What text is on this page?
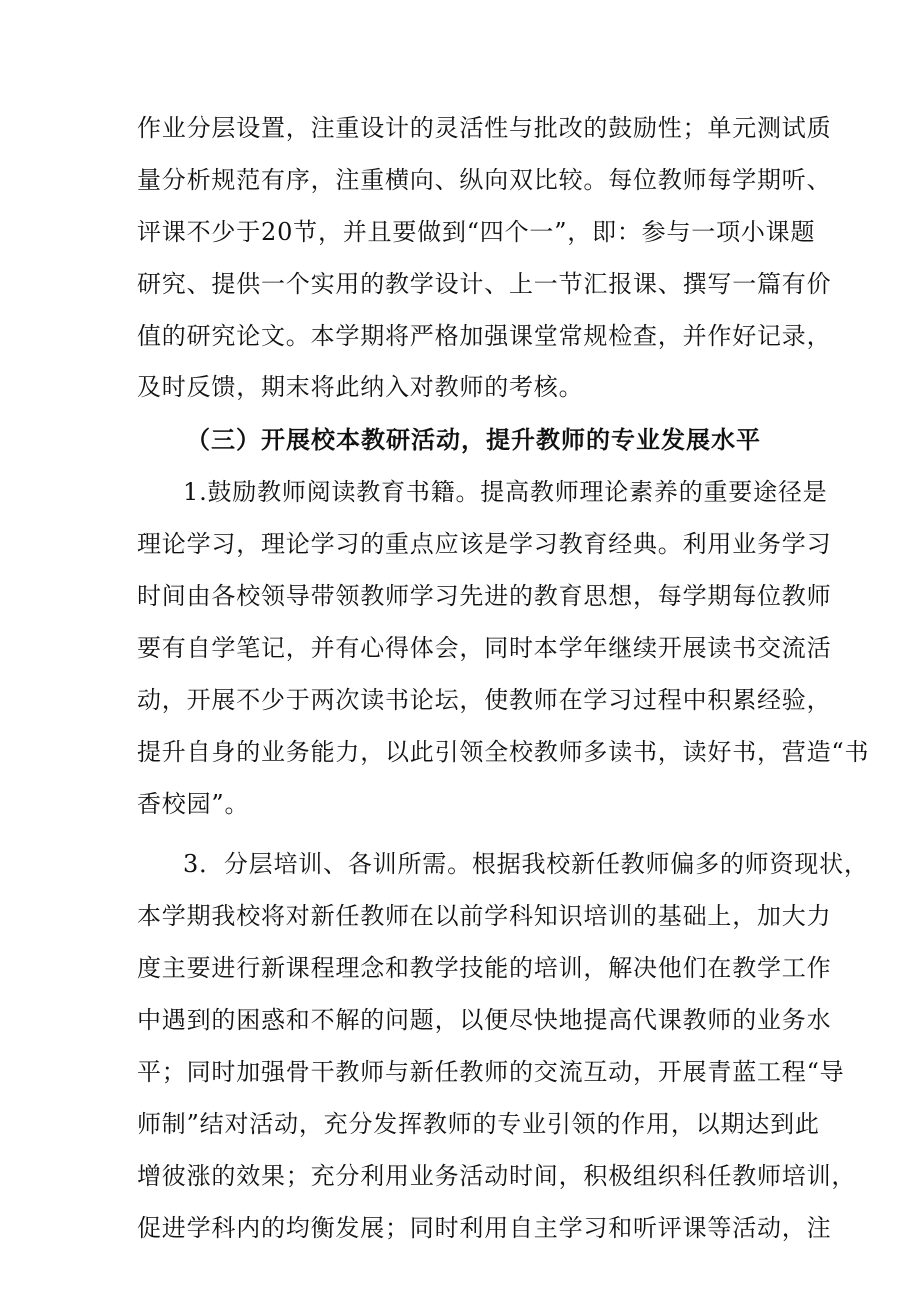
作业分层设置，注重设计的灵活性与批改的鼓励性；单元测试质
量分析规范有序，注重横向、纵向双比较。每位教师每学期听、
评课不少于20节，并且要做到“四个一”，即：参与一项小课题
研究、提供一个实用的教学设计、上一节汇报课、撰写一篇有价
值的研究论文。本学期将严格加强课堂常规检查，并作好记录，
及时反馈，期末将此纳入对教师的考核。
（三）开展校本教研活动，提升教师的专业发展水平
1.鼓励教师阅读教育书籍。提高教师理论素养的重要途径是
理论学习，理论学习的重点应该是学习教育经典。利用业务学习
时间由各校领导带领教师学习先进的教育思想，每学期每位教师
要有自学笔记，并有心得体会，同时本学年继续开展读书交流活
动，开展不少于两次读书论坛，使教师在学习过程中积累经验，
提升自身的业务能力，以此引领全校教师多读书，读好书，营造“书
香校园”。
3．分层培训、各训所需。根据我校新任教师偏多的师资现状，
本学期我校将对新任教师在以前学科知识培训的基础上，加大力
度主要进行新课程理念和教学技能的培训，解决他们在教学工作
中遇到的困惑和不解的问题，以便尽快地提高代课教师的业务水
平；同时加强骨干教师与新任教师的交流互动，开展青蓝工程“导
师制”结对活动，充分发挥教师的专业引领的作用，以期达到此
增彼涨的效果；充分利用业务活动时间，积极组织科任教师培训，
促进学科内的均衡发展；同时利用自主学习和听评课等活动，注
